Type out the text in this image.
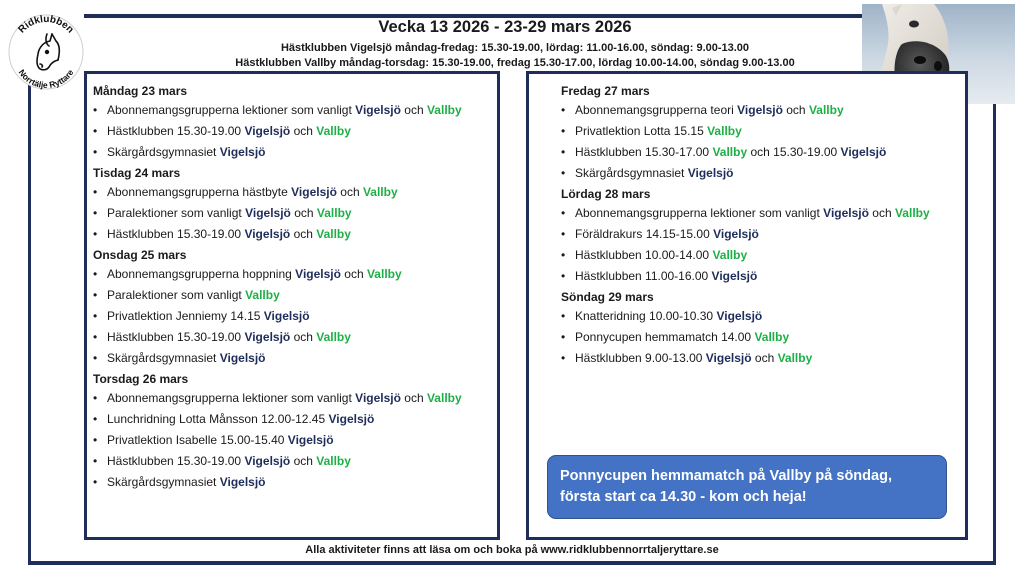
Ridklubben
Norrtälje Ryttare
Vecka 13 2026 - 23-29 mars 2026
Hästklubben Vigelsjö måndag-fredag: 15.30-19.00, lördag: 11.00-16.00, söndag: 9.00-13.00
Hästklubben Vallby måndag-torsdag: 15.30-19.00, fredag 15.30-17.00, lördag 10.00-14.00, söndag 9.00-13.00
Måndag 23 mars
• Abonnemangsgrupperna lektioner som vanligt Vigelsjö och Vallby
• Hästklubben 15.30-19.00 Vigelsjö och Vallby
• Skärgårdsgymnasiet Vigelsjö
Tisdag 24 mars
• Abonnemangsgrupperna hästbyte Vigelsjö och Vallby
• Paralektioner som vanligt Vigelsjö och Vallby
• Hästklubben 15.30-19.00 Vigelsjö och Vallby
Onsdag 25 mars
• Abonnemangsgrupperna hoppning Vigelsjö och Vallby
• Paralektioner som vanligt Vallby
• Privatlektion Jenniemy 14.15 Vigelsjö
• Hästklubben 15.30-19.00 Vigelsjö och Vallby
• Skärgårdsgymnasiet Vigelsjö
Torsdag 26 mars
• Abonnemangsgrupperna lektioner som vanligt Vigelsjö och Vallby
• Lunchridning Lotta Månsson 12.00-12.45 Vigelsjö
• Privatlektion Isabelle 15.00-15.40 Vigelsjö
• Hästklubben 15.30-19.00 Vigelsjö och Vallby
• Skärgårdsgymnasiet Vigelsjö
Fredag 27 mars
• Abonnemangsgrupperna teori Vigelsjö och Vallby
• Privatlektion Lotta 15.15 Vallby
• Hästklubben 15.30-17.00 Vallby och 15.30-19.00 Vigelsjö
• Skärgårdsgymnasiet Vigelsjö
Lördag 28 mars
• Abonnemangsgrupperna lektioner som vanligt Vigelsjö och Vallby
• Föräldrakurs 14.15-15.00 Vigelsjö
• Hästklubben 10.00-14.00 Vallby
• Hästklubben 11.00-16.00 Vigelsjö
Söndag 29 mars
• Knatteridning 10.00-10.30 Vigelsjö
• Ponnycupen hemmamatch 14.00 Vallby
• Hästklubben 9.00-13.00 Vigelsjö och Vallby
Ponnycupen hemmamatch på Vallby på söndag, första start ca 14.30 - kom och heja!
Alla aktiviteter finns att läsa om och boka på www.ridklubbennorrtaljeryttare.se
